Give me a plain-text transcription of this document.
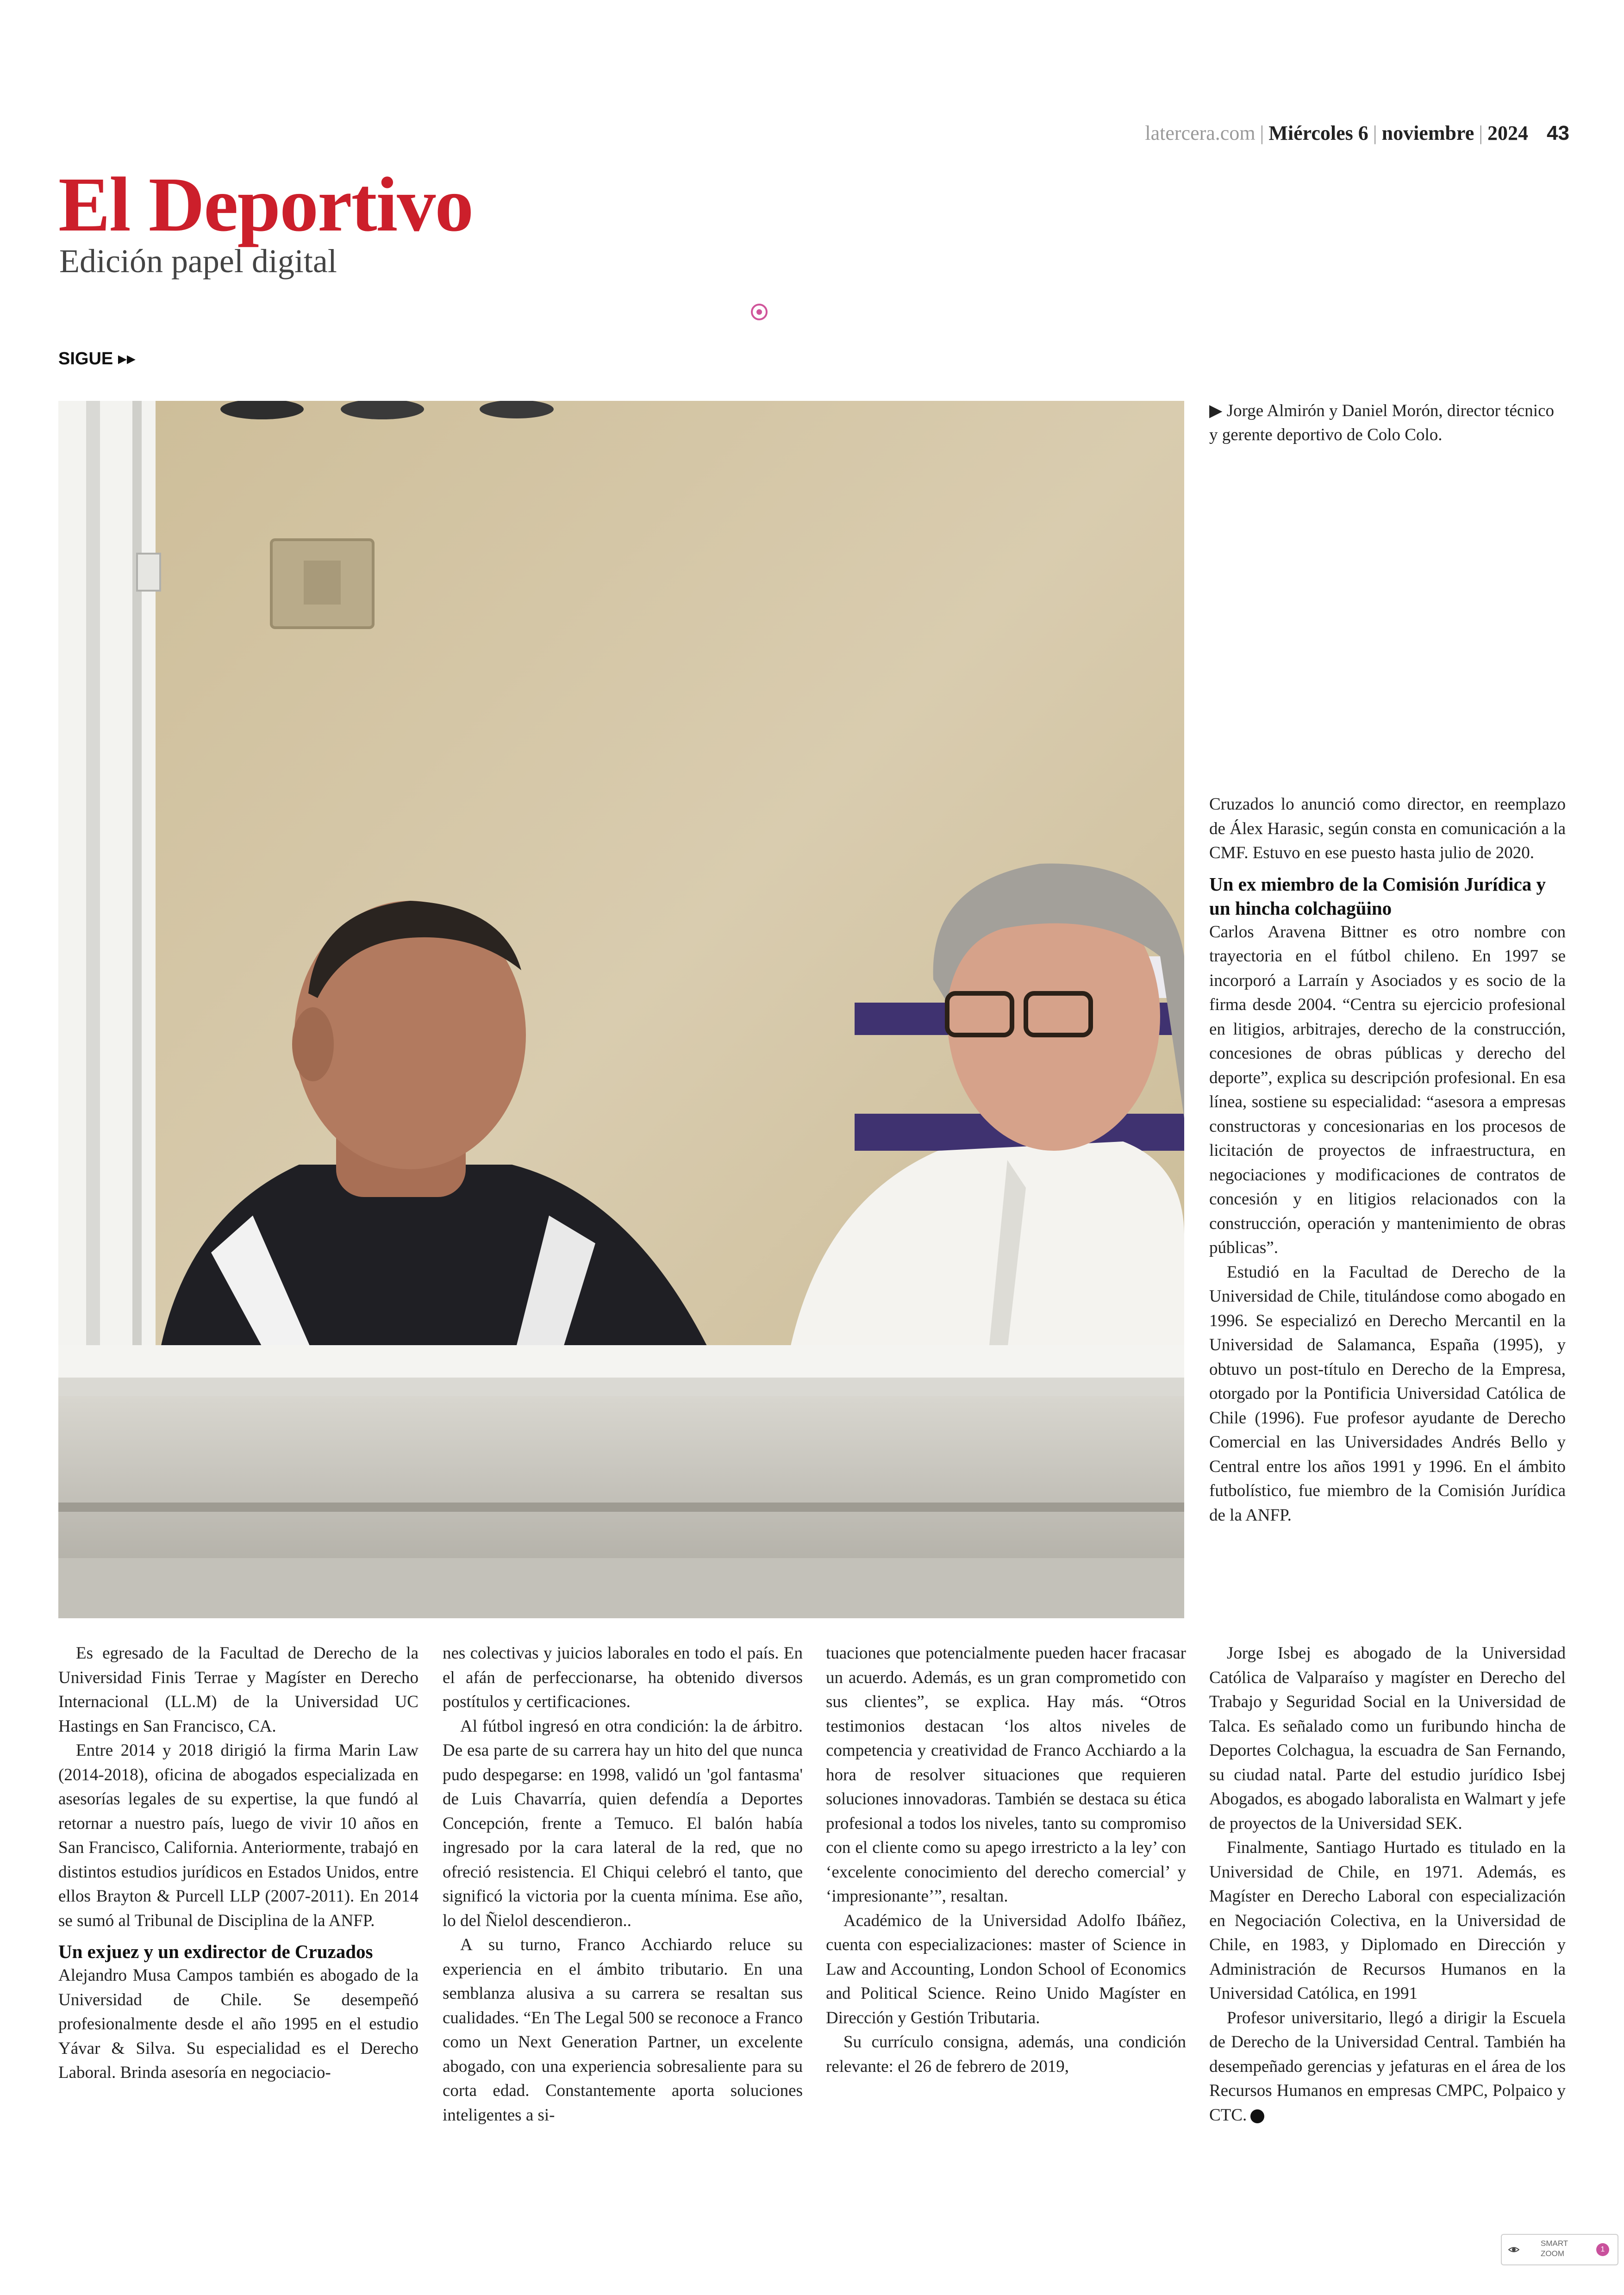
latercera.com | Miércoles 6 | noviembre | 2024 43
El Deportivo
Edición papel digital
SIGUE ▸▸
▶ Jorge Almirón y Daniel Morón, director técnico y gerente deportivo de Colo Colo.

Cruzados lo anunció como director, en reemplazo de Álex Harasic, según consta en comunicación a la CMF. Estuvo en ese puesto hasta julio de 2020.

Un ex miembro de la Comisión Jurídica y un hincha colchagüino

Carlos Aravena Bittner es otro nombre con trayectoria en el fútbol chileno. En 1997 se incorporó a Larraín y Asociados y es socio de la firma desde 2004. “Centra su ejercicio profesional en litigios, arbitrajes, derecho de la construcción, concesiones de obras públicas y derecho del deporte”, explica su descripción profesional. En esa línea, sostiene su especialidad: “asesora a empresas constructoras y concesionarias en los procesos de licitación de proyectos de infraestructura, en negociaciones y modificaciones de contratos de concesión y en litigios relacionados con la construcción, operación y mantenimiento de obras públicas”.

Estudió en la Facultad de Derecho de la Universidad de Chile, titulándose como abogado en 1996. Se especializó en Derecho Mercantil en la Universidad de Salamanca, España (1995), y obtuvo un post-título en Derecho de la Empresa, otorgado por la Pontificia Universidad Católica de Chile (1996). Fue profesor ayudante de Derecho Comercial en las Universidades Andrés Bello y Central entre los años 1991 y 1996. En el ámbito futbolístico, fue miembro de la Comisión Jurídica de la ANFP.

Es egresado de la Facultad de Derecho de la Universidad Finis Terrae y Magíster en Derecho Internacional (LL.M) de la Universidad UC Hastings en San Francisco, CA.

Entre 2014 y 2018 dirigió la firma Marin Law (2014-2018), oficina de abogados especializada en asesorías legales de su expertise, la que fundó al retornar a nuestro país, luego de vivir 10 años en San Francisco, California. Anteriormente, trabajó en distintos estudios jurídicos en Estados Unidos, entre ellos Brayton & Purcell LLP (2007-2011). En 2014 se sumó al Tribunal de Disciplina de la ANFP.

Un exjuez y un exdirector de Cruzados

Alejandro Musa Campos también es abogado de la Universidad de Chile. Se desempeñó profesionalmente desde el año 1995 en el estudio Yávar & Silva. Su especialidad es el Derecho Laboral. Brinda asesoría en negociacio-

nes colectivas y juicios laborales en todo el país. En el afán de perfeccionarse, ha obtenido diversos postítulos y certificaciones.

Al fútbol ingresó en otra condición: la de árbitro. De esa parte de su carrera hay un hito del que nunca pudo despegarse: en 1998, validó un 'gol fantasma' de Luis Chavarría, quien defendía a Deportes Concepción, frente a Temuco. El balón había ingresado por la cara lateral de la red, que no ofreció resistencia. El Chiqui celebró el tanto, que significó la victoria por la cuenta mínima. Ese año, lo del Ñielol descendieron..

A su turno, Franco Acchiardo reluce su experiencia en el ámbito tributario. En una semblanza alusiva a su carrera se resaltan sus cualidades. “En The Legal 500 se reconoce a Franco como un Next Generation Partner, un excelente abogado, con una experiencia sobresaliente para su corta edad. Constantemente aporta soluciones inteligentes a si-

tuaciones que potencialmente pueden hacer fracasar un acuerdo. Además, es un gran comprometido con sus clientes”, se explica. Hay más. “Otros testimonios destacan ‘los altos niveles de competencia y creatividad de Franco Acchiardo a la hora de resolver situaciones que requieren soluciones innovadoras. También se destaca su ética profesional a todos los niveles, tanto su compromiso con el cliente como su apego irrestricto a la ley’ con ‘excelente conocimiento del derecho comercial’ y ‘impresionante’”, resaltan.

Académico de la Universidad Adolfo Ibáñez, cuenta con especializaciones: master of Science in Law and Accounting, London School of Economics and Political Science. Reino Unido Magíster en Dirección y Gestión Tributaria.

Su currículo consigna, además, una condición relevante: el 26 de febrero de 2019,

Jorge Isbej es abogado de la Universidad Católica de Valparaíso y magíster en Derecho del Trabajo y Seguridad Social en la Universidad de Talca. Es señalado como un furibundo hincha de Deportes Colchagua, la escuadra de San Fernando, su ciudad natal. Parte del estudio jurídico Isbej Abogados, es abogado laboralista en Walmart y jefe de proyectos de la Universidad SEK.

Finalmente, Santiago Hurtado es titulado en la Universidad de Chile, en 1971. Además, es Magíster en Derecho Laboral con especialización en Negociación Colectiva, en la Universidad de Chile, en 1983, y Diplomado en Dirección y Administración de Recursos Humanos en la Universidad Católica, en 1991

Profesor universitario, llegó a dirigir la Escuela de Derecho de la Universidad Central. También ha desempeñado gerencias y jefaturas en el área de los Recursos Humanos en empresas CMPC, Polpaico y CTC.

SMART
ZOOM	1
